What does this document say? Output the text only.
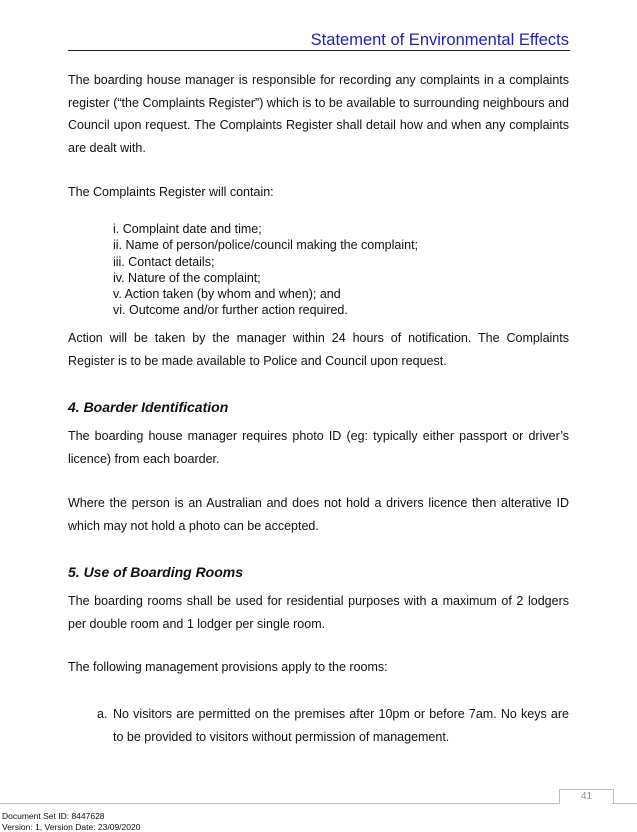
Statement of Environmental Effects

The boarding house manager is responsible for recording any complaints in a complaints register (“the Complaints Register”) which is to be available to surrounding neighbours and Council upon request. The Complaints Register shall detail how and when any complaints are dealt with.

The Complaints Register will contain:

i. Complaint date and time;
ii. Name of person/police/council making the complaint;
iii. Contact details;
iv. Nature of the complaint;
v. Action taken (by whom and when); and
vi. Outcome and/or further action required.

Action will be taken by the manager within 24 hours of notification. The Complaints Register is to be made available to Police and Council upon request.

4. Boarder Identification

The boarding house manager requires photo ID (eg: typically either passport or driver’s licence) from each boarder.

Where the person is an Australian and does not hold a drivers licence then alterative ID which may not hold a photo can be accepted.

5. Use of Boarding Rooms

The boarding rooms shall be used for residential purposes with a maximum of 2 lodgers per double room and 1 lodger per single room.

The following management provisions apply to the rooms:

a. No visitors are permitted on the premises after 10pm or before 7am. No keys are to be provided to visitors without permission of management.
41
Document Set ID: 8447628
Version: 1, Version Date: 23/09/2020
